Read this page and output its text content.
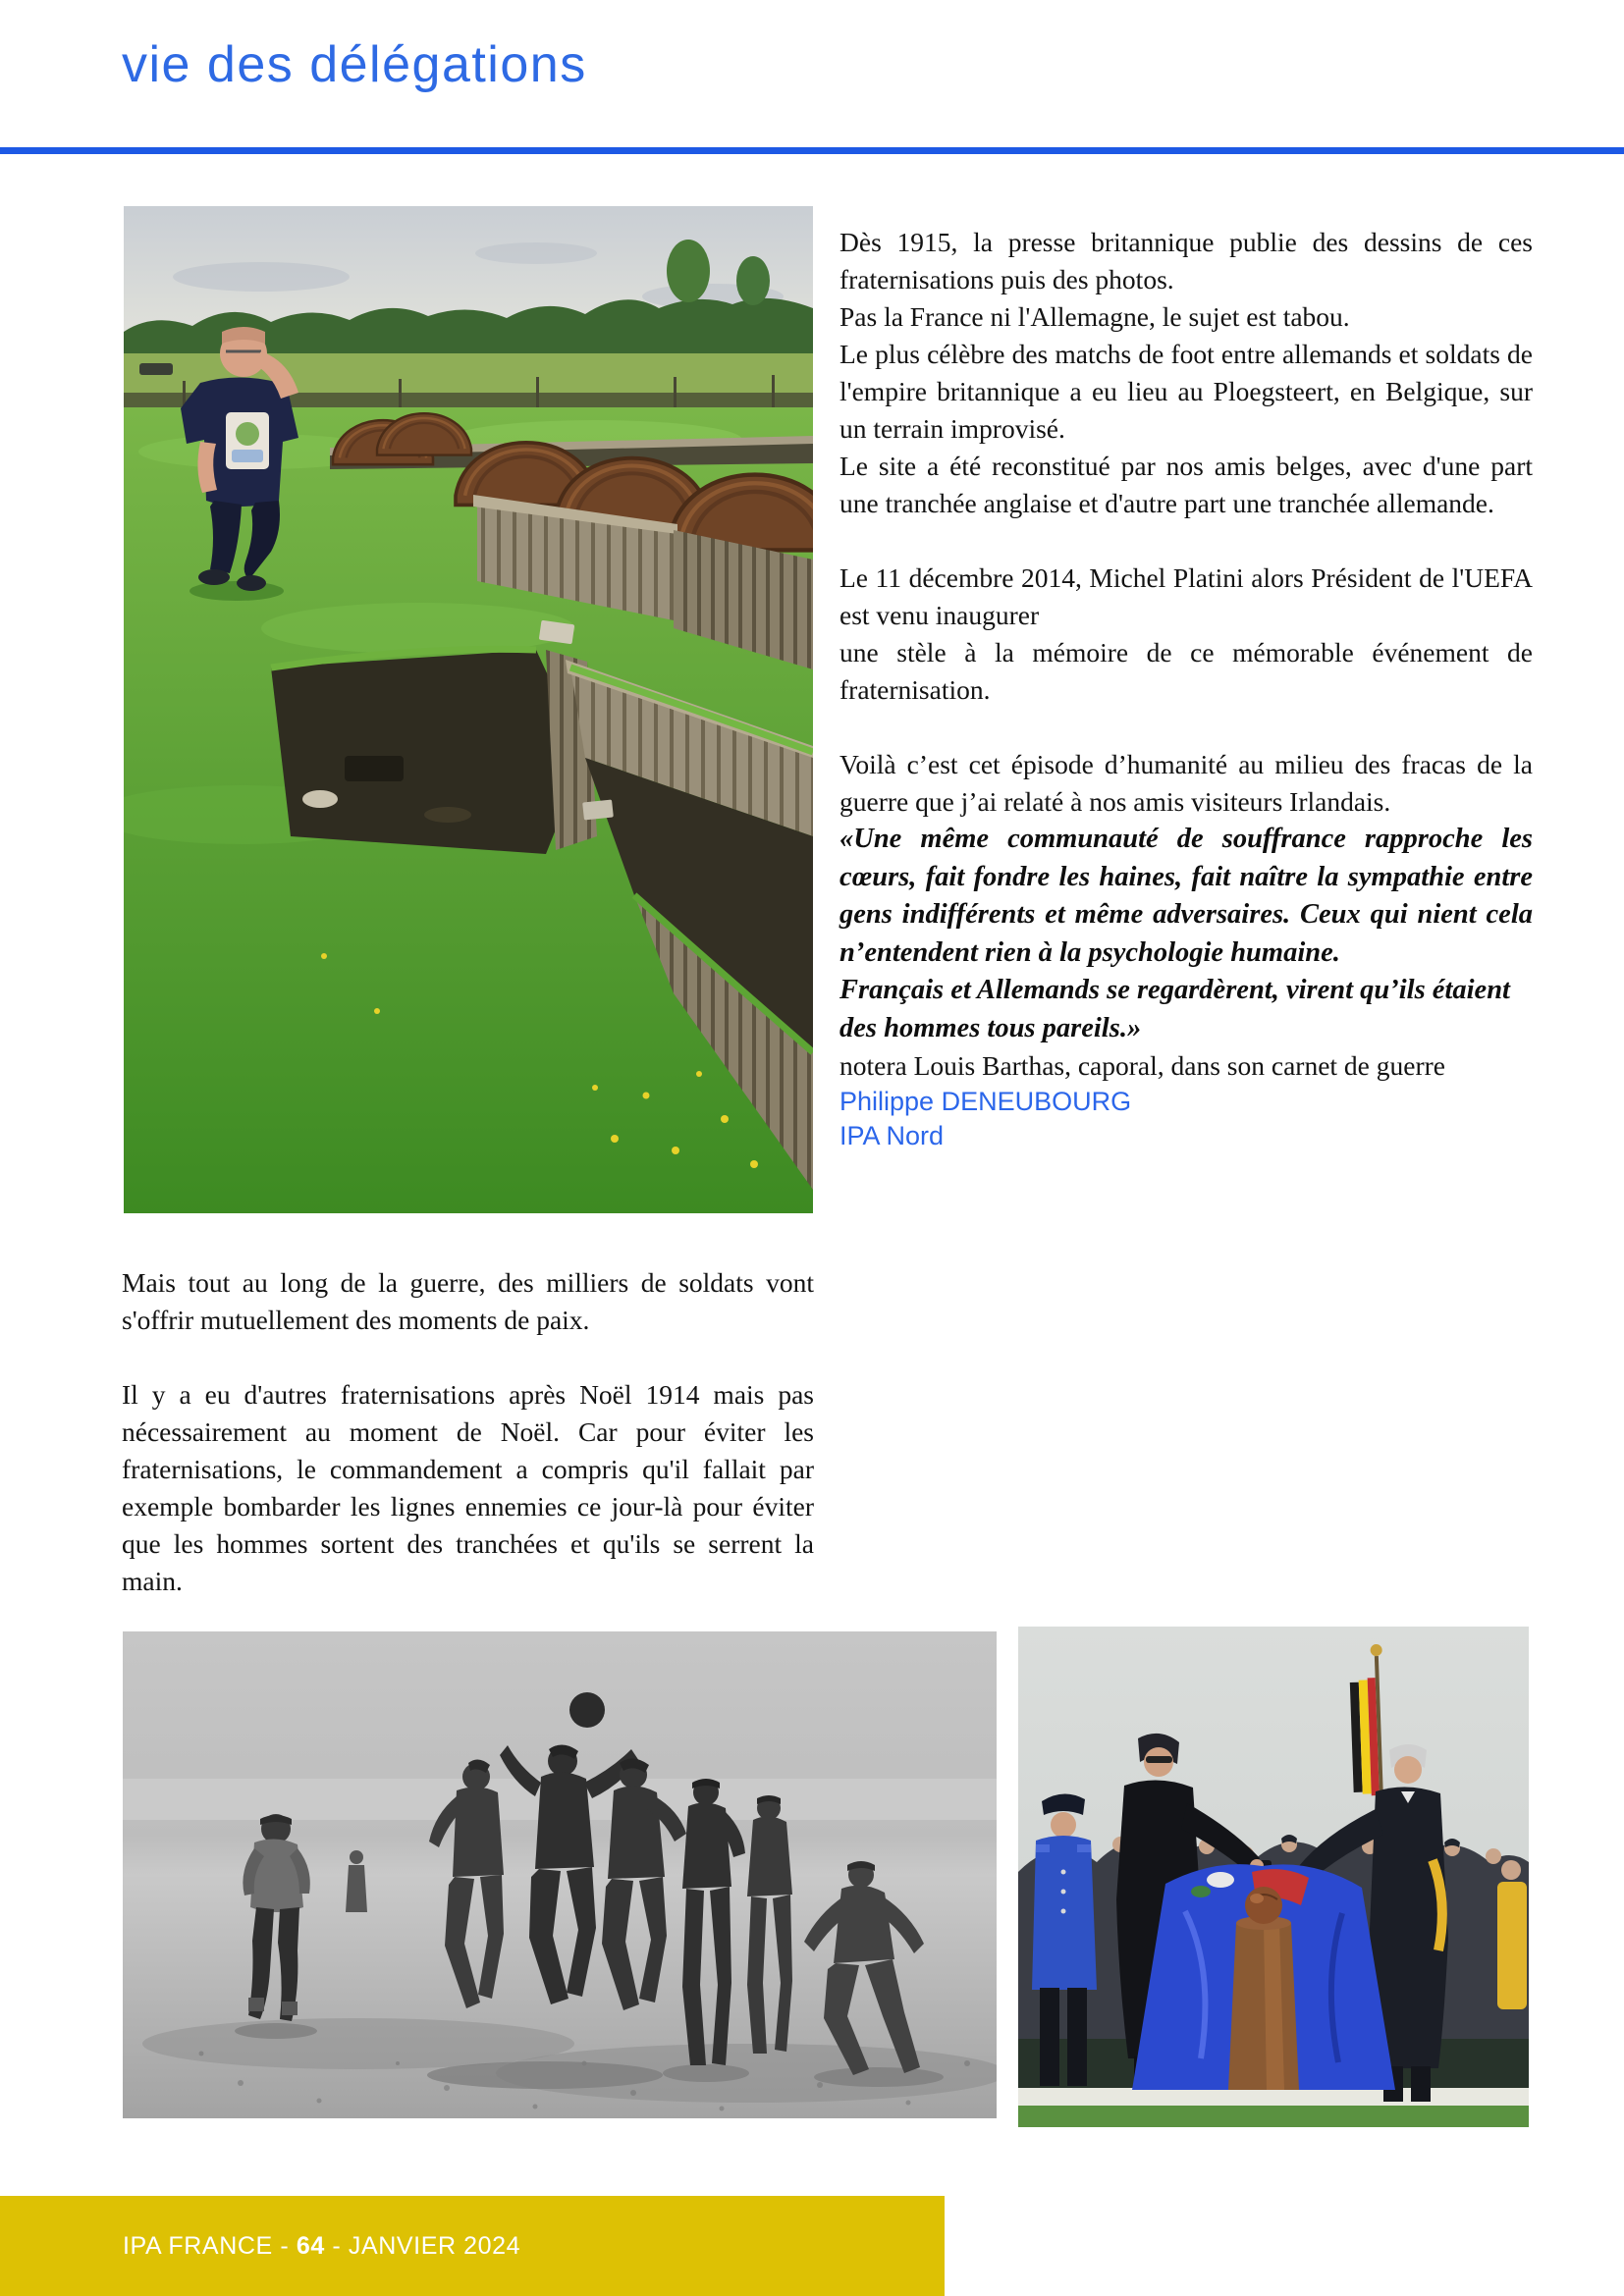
vie des délégations

Dès 1915, la presse britannique publie des dessins de ces fraternisations puis des photos.

Pas la France ni l'Allemagne, le sujet est tabou.

Le plus célèbre des matchs de foot entre allemands et soldats de l'empire britannique a eu lieu au Ploegsteert, en Belgique, sur un terrain improvisé.

Le site a été reconstitué par nos amis belges, avec d'une part une tranchée anglaise et d'autre part une tranchée allemande.

Le 11 décembre 2014, Michel Platini alors Président de l'UEFA est venu inaugurer

une stèle à la mémoire de ce mémorable événement de fraternisation.

Voilà c’est cet épisode d’humanité au milieu des fracas de la guerre que j’ai relaté à nos amis visiteurs Irlandais.

«Une même communauté de souffrance rapproche les cœurs, fait fondre les haines, fait naître la sympathie entre gens indifférents et même adversaires. Ceux qui nient cela n’entendent rien à la psychologie humaine.

Français et Allemands se regardèrent, virent qu’ils étaient

des hommes tous pareils.»

notera Louis Barthas, caporal, dans son carnet de guerre

Philippe DENEUBOURG

IPA Nord

Mais tout au long de la guerre, des milliers de soldats vont s'offrir mutuellement des moments de paix.

Il y a eu d'autres fraternisations après Noël 1914 mais pas nécessairement au moment de Noël. Car pour éviter les fraternisations, le commandement a compris qu'il fallait par exemple bombarder les lignes ennemies ce jour-là pour éviter que les hommes sortent des tranchées et qu'ils se serrent la main.

IPA FRANCE - 64 - JANVIER 2024
